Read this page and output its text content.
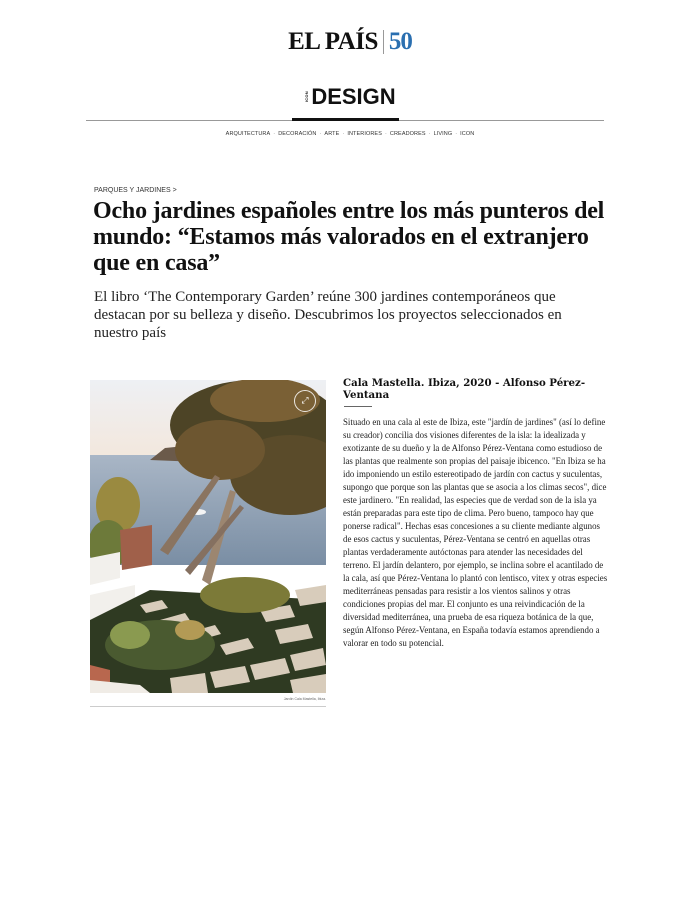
EL PAÍS 50
ICON DESIGN
ARQUITECTURA · DECORACIÓN · ARTE · INTERIORES · CREADORES · LIVING · ICON
PARQUES Y JARDINES >
Ocho jardines españoles entre los más punteros del mundo: “Estamos más valorados en el extranjero que en casa”

El libro ‘The Contemporary Garden’ reúne 300 jardines contemporáneos que destacan por su belleza y diseño. Descubrimos los proyectos seleccionados en nuestro país

⤢
Jardín Cala Mastella, Ibiza.
Cala Mastella. Ibiza, 2020 - Alfonso Pérez-Ventana

Situado en una cala al este de Ibiza, este "jardín de jardines" (así lo define su creador) concilia dos visiones diferentes de la isla: la idealizada y exotizante de su dueño y la de Alfonso Pérez-Ventana como estudioso de las plantas que realmente son propias del paisaje ibicenco. "En Ibiza se ha ido imponiendo un estilo estereotipado de jardín con cactus y suculentas, supongo que porque son las plantas que se asocia a los climas secos", dice este jardinero. "En realidad, las especies que de verdad son de la isla ya están preparadas para este tipo de clima. Pero bueno, tampoco hay que ponerse radical". Hechas esas concesiones a su cliente mediante algunos de esos cactus y suculentas, Pérez-Ventana se centró en aquellas otras plantas verdaderamente autóctonas para atender las necesidades del terreno. El jardín delantero, por ejemplo, se inclina sobre el acantilado de la cala, así que Pérez-Ventana lo plantó con lentisco, vitex y otras especies mediterráneas pensadas para resistir a los vientos salinos y otras condiciones propias del mar. El conjunto es una reivindicación de la diversidad mediterránea, una prueba de esa riqueza botánica de la que, según Alfonso Pérez-Ventana, en España todavía estamos aprendiendo a valorar en todo su potencial.
